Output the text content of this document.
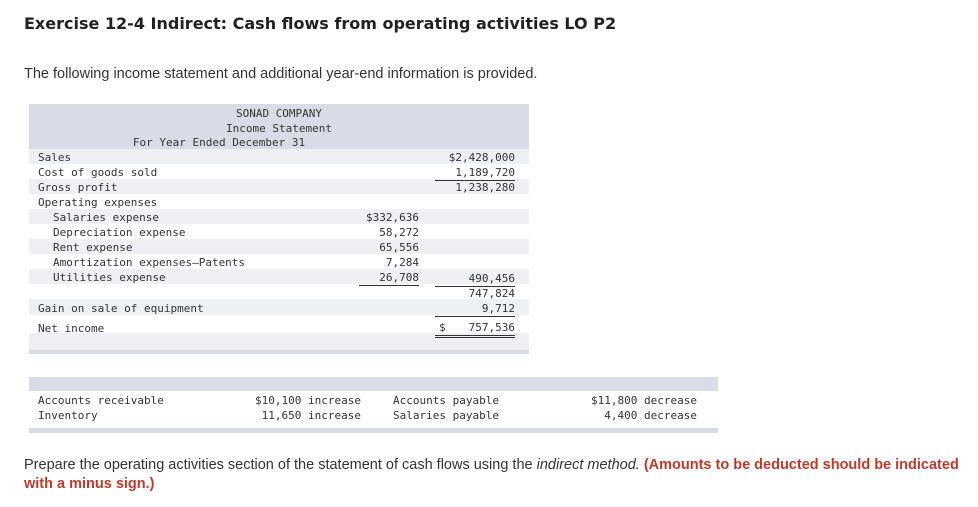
Exercise 12-4 Indirect: Cash flows from operating activities LO P2
The following income statement and additional year-end information is provided.
SONAD COMPANY
Income Statement
For Year Ended December 31
Sales
Cost of goods sold
Gross profit
Operating expenses
Salaries expense
Depreciation expense
Rent expense
Amortization expenses—Patents
Utilities expense
Gain on sale of equipment
Net income
$332,636
58,272
65,556
7,284
26,708
$2,428,000
1,189,720
1,238,280
490,456
747,824
9,712
757,536
$
Accounts receivable
Inventory
$10,100 increase
11,650 increase
Accounts payable
Salaries payable
$11,800 decrease
4,400 decrease
Prepare the operating activities section of the statement of cash flows using the indirect method. (Amounts to be deducted should be indicated with a minus sign.)
